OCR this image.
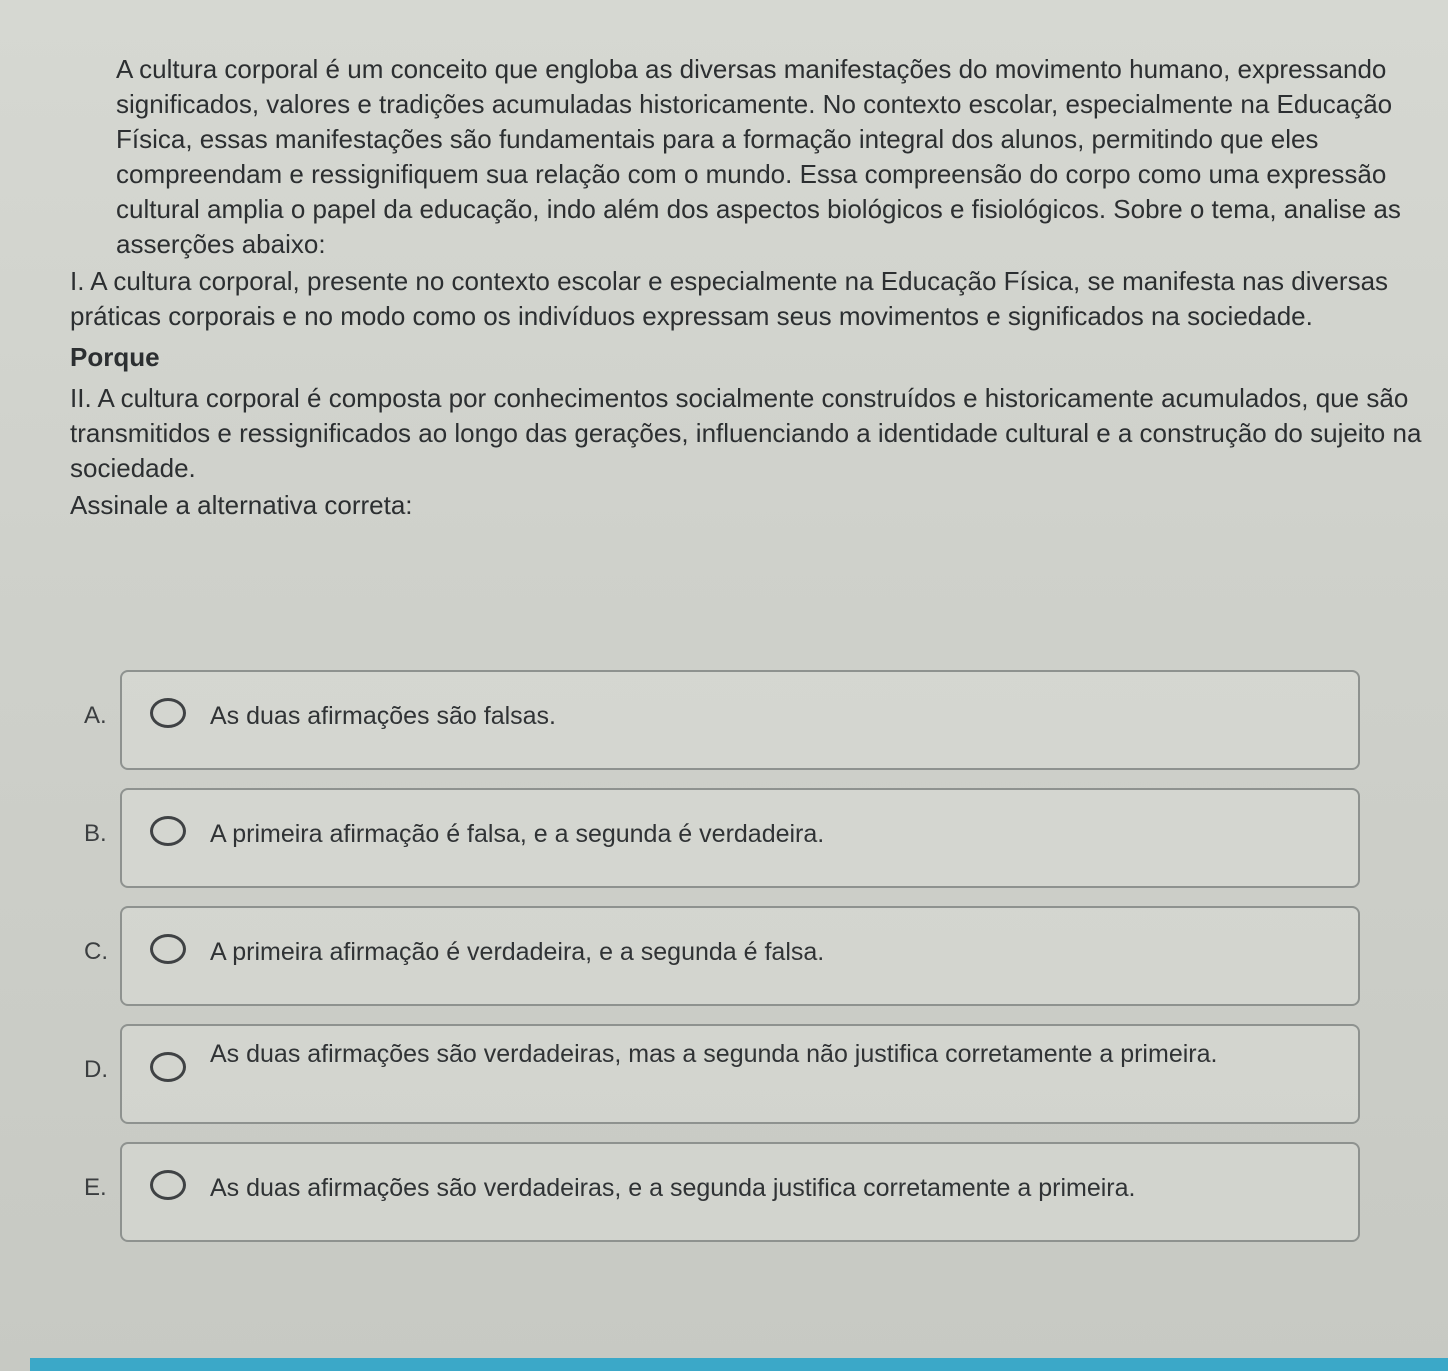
A cultura corporal é um conceito que engloba as diversas manifestações do movimento humano, expressando significados, valores e tradições acumuladas historicamente. No contexto escolar, especialmente na Educação Física, essas manifestações são fundamentais para a formação integral dos alunos, permitindo que eles compreendam e ressignifiquem sua relação com o mundo. Essa compreensão do corpo como uma expressão cultural amplia o papel da educação, indo além dos aspectos biológicos e fisiológicos. Sobre o tema, analise as asserções abaixo:

I. A cultura corporal, presente no contexto escolar e especialmente na Educação Física, se manifesta nas diversas práticas corporais e no modo como os indivíduos expressam seus movimentos e significados na sociedade.

Porque

II. A cultura corporal é composta por conhecimentos socialmente construídos e historicamente acumulados, que são transmitidos e ressignificados ao longo das gerações, influenciando a identidade cultural e a construção do sujeito na sociedade.

Assinale a alternativa correta:

A.	As duas afirmações são falsas.
B.	A primeira afirmação é falsa, e a segunda é verdadeira.
C.	A primeira afirmação é verdadeira, e a segunda é falsa.
D.
As duas afirmações são verdadeiras, mas a segunda não justifica corretamente a primeira.
E.	As duas afirmações são verdadeiras, e a segunda justifica corretamente a primeira.
